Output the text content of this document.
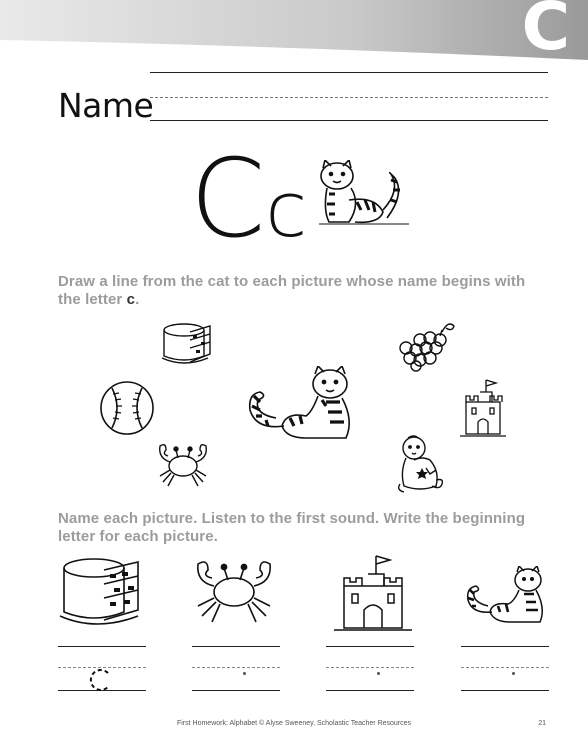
C
Name
Cc
Draw a line from the cat to each picture whose name begins with the letter c.
Name each picture. Listen to the first sound. Write the beginning letter for each picture.
First Homework: Alphabet © Alyse Sweeney, Scholastic Teacher Resources	21
